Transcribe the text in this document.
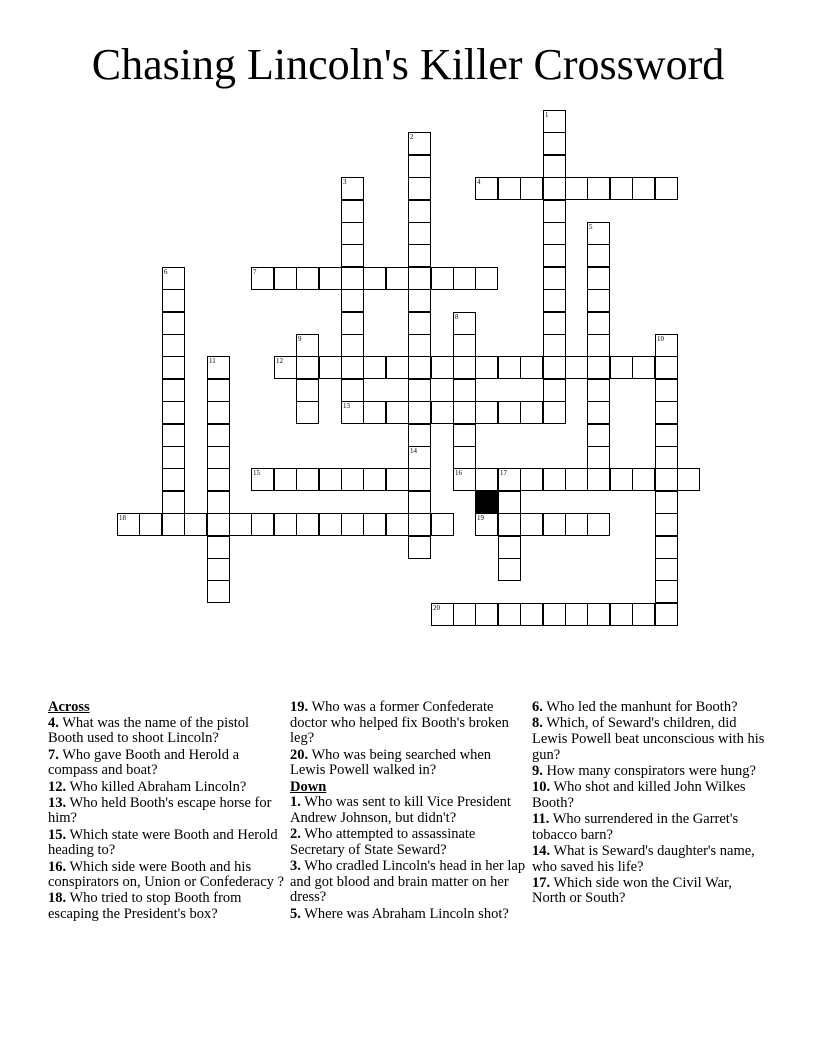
Chasing Lincoln's Killer Crossword
1
2
14
3
13
4
5
6	7
8
9	10
11	12
15	16	17
18	19
20
Across
4. What was the name of the pistol Booth used to shoot Lincoln?
7. Who gave Booth and Herold a compass and boat?
12. Who killed Abraham Lincoln?
13. Who held Booth's escape horse for him?
15. Which state were Booth and Herold heading to?
16. Which side were Booth and his conspirators on, Union or Confederacy ?
18. Who tried to stop Booth from escaping the President's box?
19. Who was a former Confederate doctor who helped fix Booth's broken leg?
20. Who was being searched when Lewis Powell walked in?
Down
1. Who was sent to kill Vice President Andrew Johnson, but didn't?
2. Who attempted to assassinate Secretary of State Seward?
3. Who cradled Lincoln's head in her lap and got blood and brain matter on her dress?
5. Where was Abraham Lincoln shot?
6. Who led the manhunt for Booth?
8. Which, of Seward's children, did Lewis Powell beat unconscious with his gun?
9. How many conspirators were hung?
10. Who shot and killed John Wilkes Booth?
11. Who surrendered in the Garret's tobacco barn?
14. What is Seward's daughter's name, who saved his life?
17. Which side won the Civil War, North or South?
